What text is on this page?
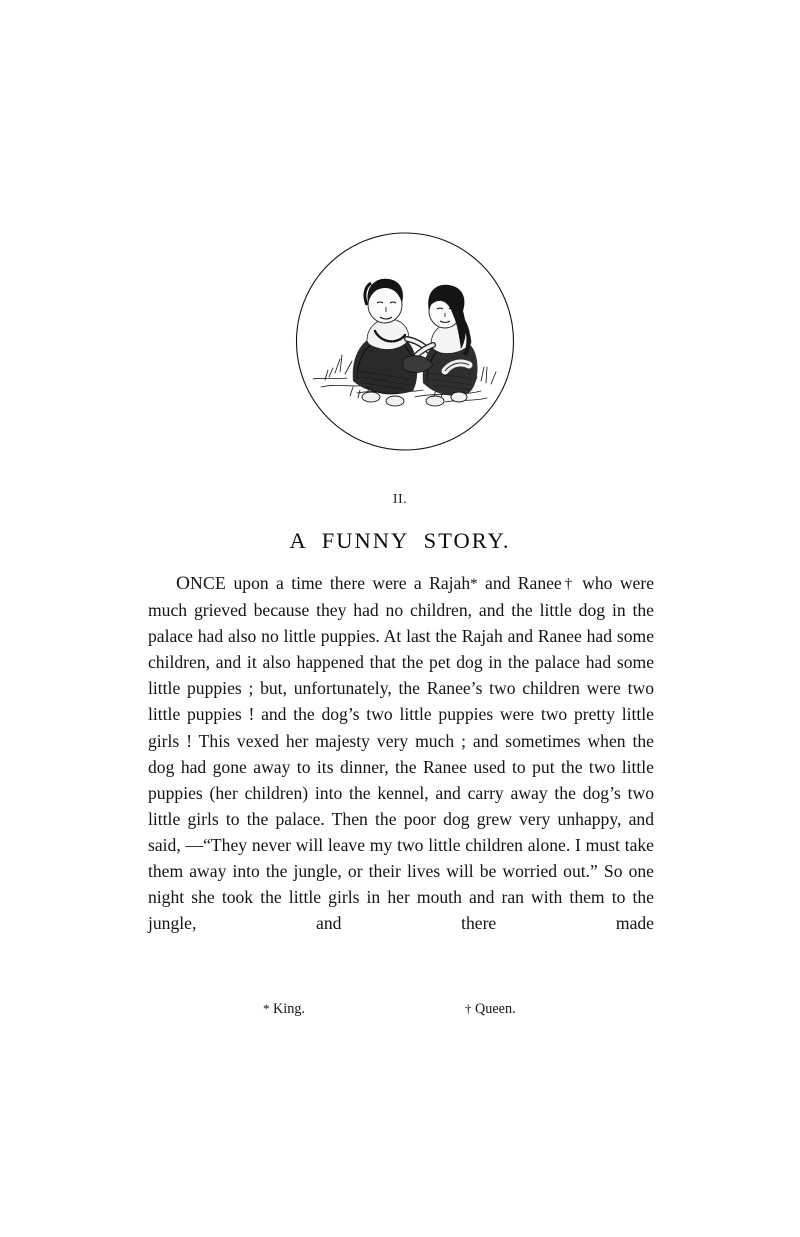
II.
A  FUNNY  STORY.

ONCE upon a time there were a Rajah* and Ranee† who were much grieved because they had no children, and the little dog in the palace had also no little puppies. At last the Rajah and Ranee had some children, and it also happened that the pet dog in the palace had some little puppies ; but, unfortunately, the Ranee’s two children were two little puppies ! and the dog’s two little puppies were two pretty little girls ! This vexed her majesty very much ; and sometimes when the dog had gone away to its dinner, the Ranee used to put the two little puppies (her children) into the kennel, and carry away the dog’s two little girls to the palace. Then the poor dog grew very unhappy, and said, —“They never will leave my two little children alone. I must take them away into the jungle, or their lives will be worried out.” So one night she took the little girls in her mouth and ran with them to the jungle, and there made

* King.	† Queen.
